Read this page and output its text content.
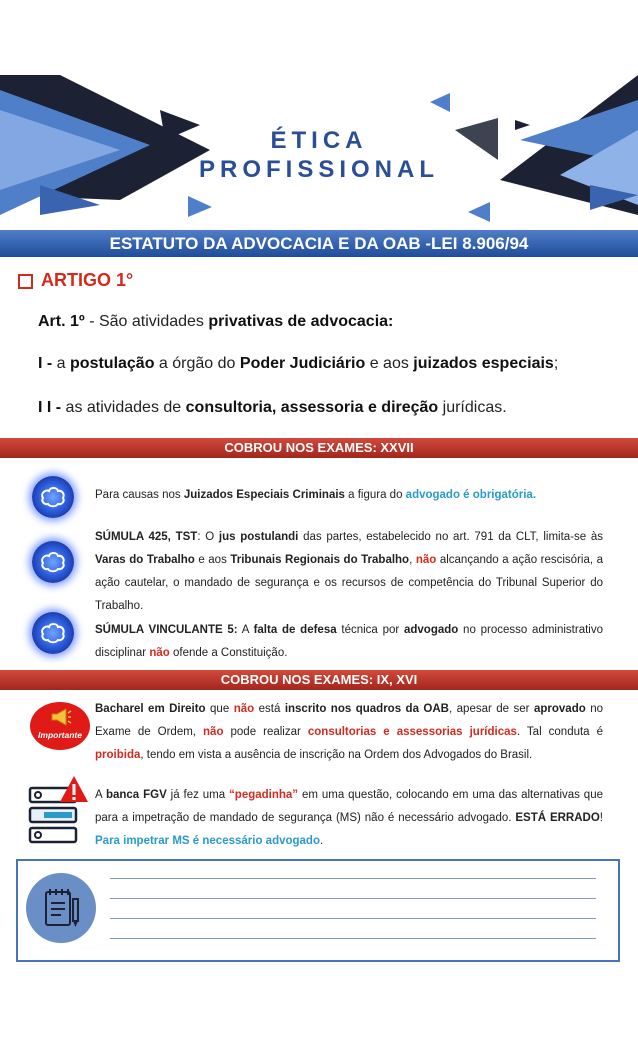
ÉTICA
PROFISSIONAL
ESTATUTO DA ADVOCACIA E DA OAB -LEI 8.906/94
ARTIGO 1°
Art. 1º - São atividades privativas de advocacia:
I - a postulação a órgão do Poder Judiciário e aos juizados especiais;
I I - as atividades de consultoria, assessoria e direção jurídicas.
COBROU NOS EXAMES: XXVII
Para causas nos Juizados Especiais Criminais a figura do advogado é obrigatória.
SÚMULA 425, TST: O jus postulandi das partes, estabelecido no art. 791 da CLT, limita-se às Varas do Trabalho e aos Tribunais Regionais do Trabalho, não alcançando a ação rescisória, a ação cautelar, o mandado de segurança e os recursos de competência do Tribunal Superior do Trabalho.
SÚMULA VINCULANTE 5: A falta de defesa técnica por advogado no processo administrativo disciplinar não ofende a Constituição.
COBROU NOS EXAMES: IX, XVI
Importante
Bacharel em Direito que não está inscrito nos quadros da OAB, apesar de ser aprovado no Exame de Ordem, não pode realizar consultorias e assessorias jurídicas. Tal conduta é proibida, tendo em vista a ausência de inscrição na Ordem dos Advogados do Brasil.
A banca FGV já fez uma “pegadinha” em uma questão, colocando em uma das alternativas que para a impetração de mandado de segurança (MS) não é necessário advogado. ESTÁ ERRADO! Para impetrar MS é necessário advogado.
